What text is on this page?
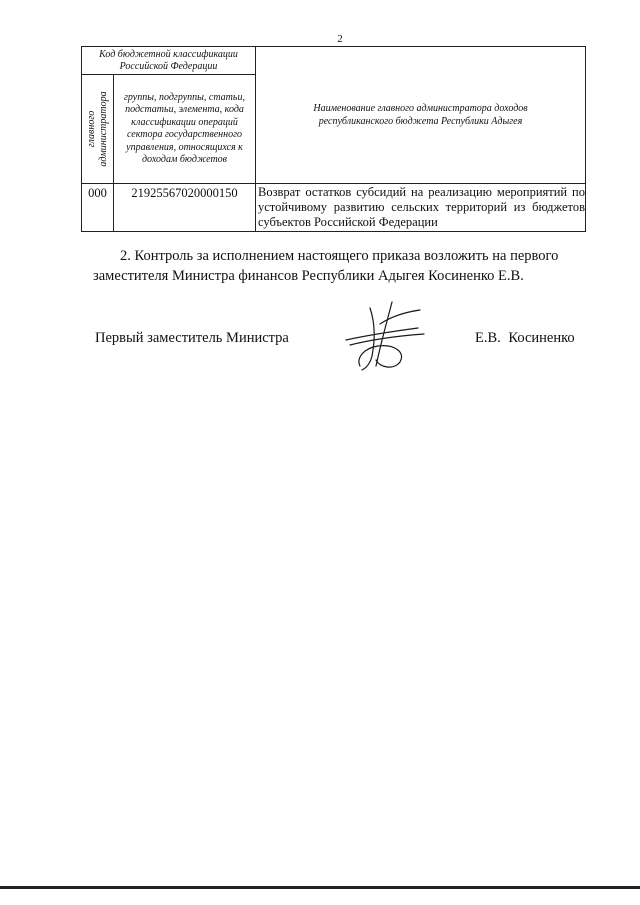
2
Код бюджетной классификации Российской Федерации		Наименование главного администратора доходов республиканского бюджета Республики Адыгея

главного администратора	группы, подгруппы, статьи, подстатьи, элемента, кода классификации операций сектора государственного управления, относящихся к доходам бюджетов	
000	21925567020000150	Возврат остатков субсидий на реализацию мероприятий по устойчивому развитию сельских территорий из бюджетов субъектов Российской Федерации

2. Контроль за исполнением настоящего приказа возложить на первого
заместителя Министра финансов Республики Адыгея Косиненко Е.В.

Первый заместитель Министра	Е.В. Косиненко
